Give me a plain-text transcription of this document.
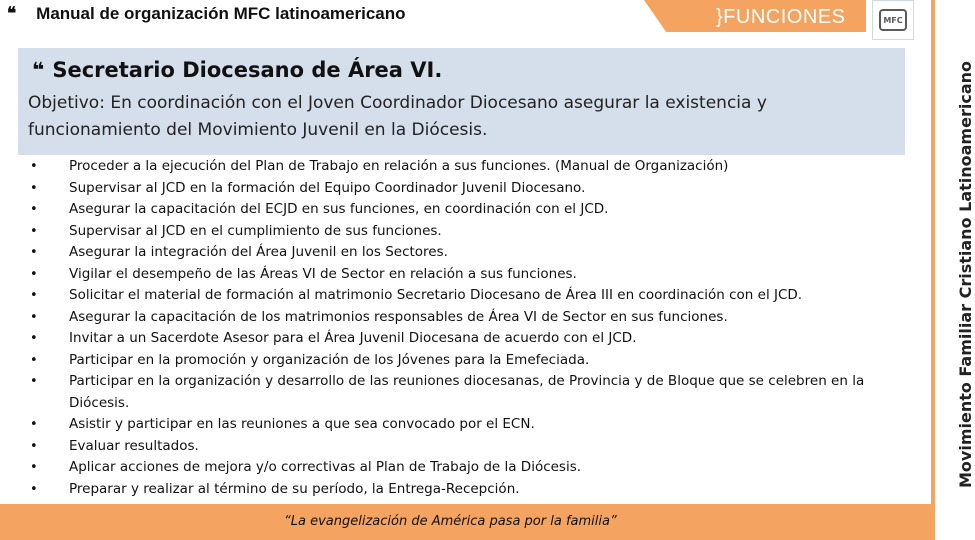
❝ Manual de organización MFC latinoamericano	}FUNCIONES	MFC
Movimiento Familiar Cristiano Latinoamericano
❝ Secretario Diocesano de Área VI.
Objetivo: En coordinación con el Joven Coordinador Diocesano asegurar la existencia y funcionamiento del Movimiento Juvenil en la Diócesis.
• Proceder a la ejecución del Plan de Trabajo en relación a sus funciones. (Manual de Organización)
• Supervisar al JCD en la formación del Equipo Coordinador Juvenil Diocesano.
• Asegurar la capacitación del ECJD en sus funciones, en coordinación con el JCD.
• Supervisar al JCD en el cumplimiento de sus funciones.
• Asegurar la integración del Área Juvenil en los Sectores.
• Vigilar el desempeño de las Áreas VI de Sector en relación a sus funciones.
• Solicitar el material de formación al matrimonio Secretario Diocesano de Área III en coordinación con el JCD.
• Asegurar la capacitación de los matrimonios responsables de Área VI de Sector en sus funciones.
• Invitar a un Sacerdote Asesor para el Área Juvenil Diocesana de acuerdo con el JCD.
• Participar en la promoción y organización de los Jóvenes para la Emefeciada.
• Participar en la organización y desarrollo de las reuniones diocesanas, de Provincia y de Bloque que se celebren en la Diócesis.
• Asistir y participar en las reuniones a que sea convocado por el ECN.
• Evaluar resultados.
• Aplicar acciones de mejora y/o correctivas al Plan de Trabajo de la Diócesis.
• Preparar y realizar al término de su período, la Entrega-Recepción.
“La evangelización de América pasa por la familia”
